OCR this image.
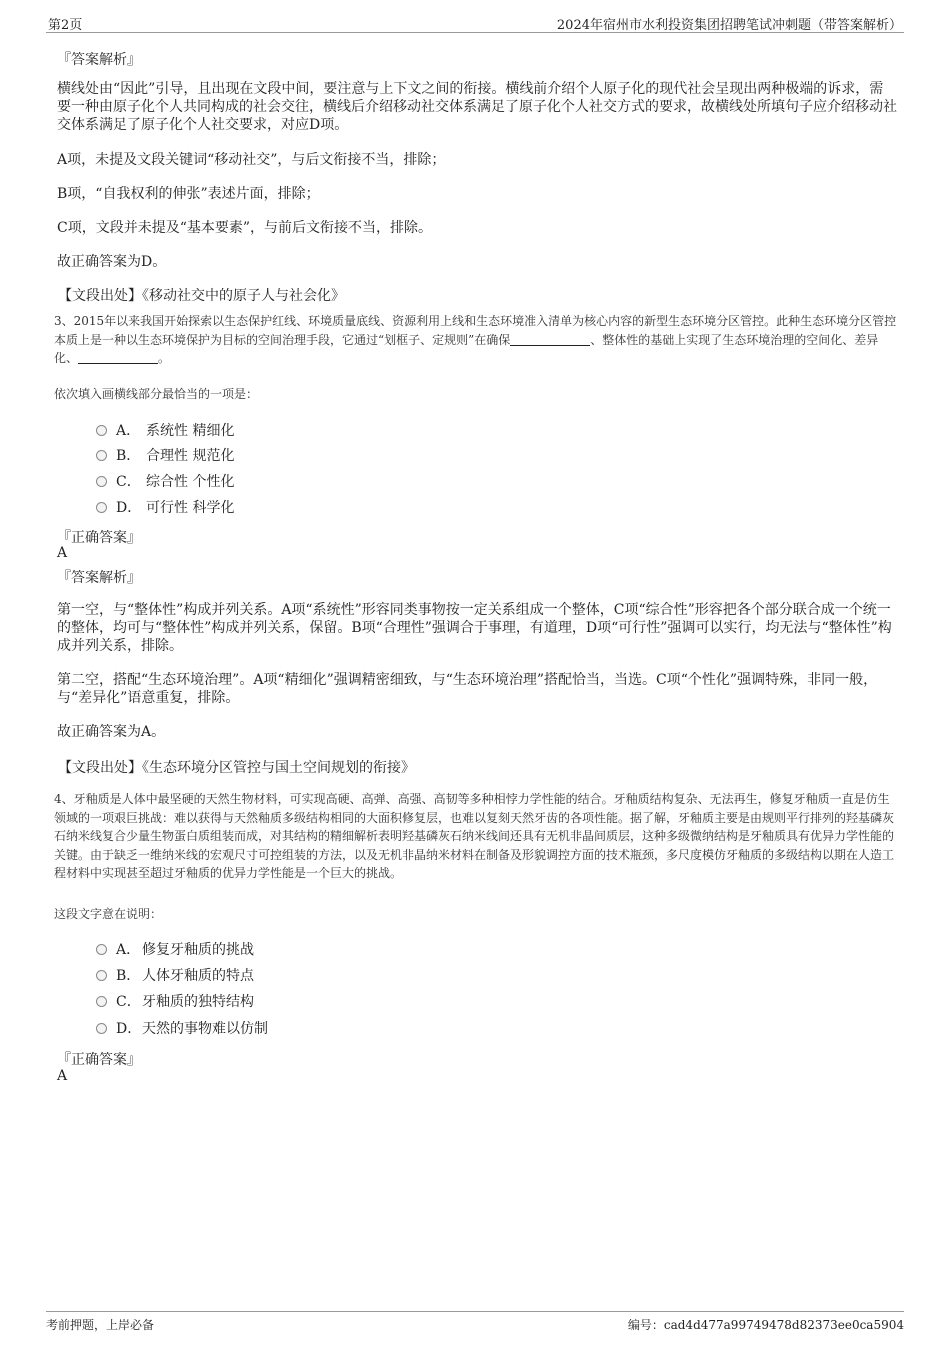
第2页	2024年宿州市水利投资集团招聘笔试冲刺题（带答案解析）
『答案解析』
横线处由“因此”引导，且出现在文段中间，要注意与上下文之间的衔接。横线前介绍个人原子化的现代社会呈现出两种极端的诉求，需要一种由原子化个人共同构成的社会交往，横线后介绍移动社交体系满足了原子化个人社交方式的要求，故横线处所填句子应介绍移动社交体系满足了原子化个人社交要求，对应D项。
A项，未提及文段关键词“移动社交”，与后文衔接不当，排除；
B项，“自我权利的伸张”表述片面，排除；
C项，文段并未提及“基本要素”，与前后文衔接不当，排除。
故正确答案为D。
【文段出处】《移动社交中的原子人与社会化》
3、2015年以来我国开始探索以生态保护红线、环境质量底线、资源利用上线和生态环境准入清单为核心内容的新型生态环境分区管控。此种生态环境分区管控本质上是一种以生态环境保护为目标的空间治理手段，它通过“划框子、定规则”在确保	、整体性的基础上实现了生态环境治理的空间化、差异化、	。
依次填入画横线部分最恰当的一项是：
A． 系统性 精细化
B． 合理性 规范化
C． 综合性 个性化
D． 可行性 科学化
『正确答案』
A
『答案解析』
第一空，与“整体性”构成并列关系。A项“系统性”形容同类事物按一定关系组成一个整体，C项“综合性”形容把各个部分联合成一个统一的整体，均可与“整体性”构成并列关系，保留。B项“合理性”强调合于事理，有道理，D项“可行性”强调可以实行，均无法与“整体性”构成并列关系，排除。
第二空，搭配“生态环境治理”。A项“精细化”强调精密细致，与“生态环境治理”搭配恰当，当选。C项“个性化”强调特殊，非同一般，与“差异化”语意重复，排除。
故正确答案为A。
【文段出处】《生态环境分区管控与国土空间规划的衔接》
4、牙釉质是人体中最坚硬的天然生物材料，可实现高硬、高弹、高强、高韧等多种相悖力学性能的结合。牙釉质结构复杂、无法再生，修复牙釉质一直是仿生领域的一项艰巨挑战：难以获得与天然釉质多级结构相同的大面积修复层，也难以复刻天然牙齿的各项性能。据了解，牙釉质主要是由规则平行排列的羟基磷灰石纳米线复合少量生物蛋白质组装而成，对其结构的精细解析表明羟基磷灰石纳米线间还具有无机非晶间质层，这种多级微纳结构是牙釉质具有优异力学性能的关键。由于缺乏一维纳米线的宏观尺寸可控组装的方法，以及无机非晶纳米材料在制备及形貌调控方面的技术瓶颈，多尺度模仿牙釉质的多级结构以期在人造工程材料中实现甚至超过牙釉质的优异力学性能是一个巨大的挑战。
这段文字意在说明：
A． 修复牙釉质的挑战
B． 人体牙釉质的特点
C．牙釉质的独特结构
D．天然的事物难以仿制
『正确答案』
A
考前押题，上岸必备	编号：cad4d477a99749478d82373ee0ca5904
